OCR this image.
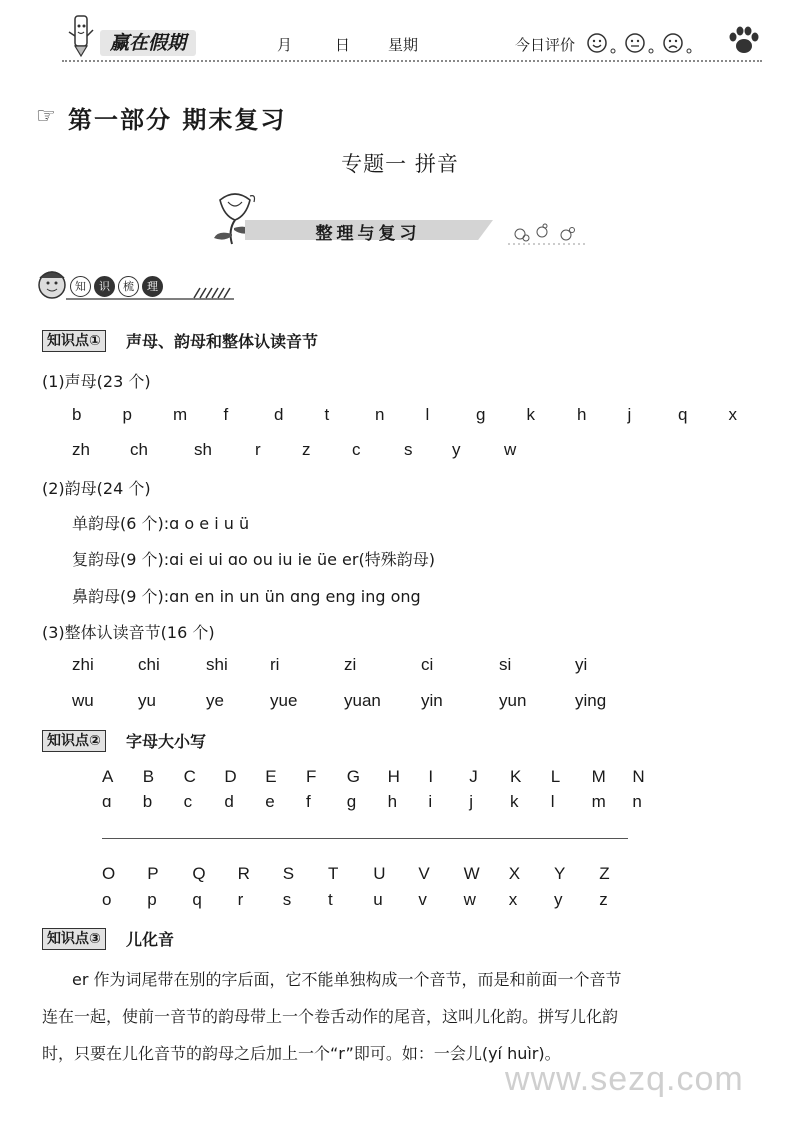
赢在假期	月	日	星期	今日评价
☞ 第一部分 期末复习
专题一 拼音
整理与复习
知	识	梳	理
知识点①	声母、韵母和整体认读音节
(1)声母(23 个)
b p m f	d t	n l	g k h j	q x
zh ch	sh	r z c	s y	w
(2)韵母(24 个)
单韵母(6 个):ɑ o e i u ü
复韵母(9 个):ɑi ei ui ɑo ou iu ie üe er(特殊韵母)
鼻韵母(9 个):ɑn en in un ün ɑng eng ing ong
(3)整体认读音节(16 个)
zhi	chi	shi ri	zi	ci	si	yi
wu	yu	ye	yue	yuan yin	yun	ying
知识点②	字母大小写
A B C D E F G H I J K L M N
ɑ b c d e f g h i j k l m n
O P Q R S T U V W X Y Z
o p q r s t u v w x y z
知识点③	儿化音
er 作为词尾带在别的字后面，它不能单独构成一个音节，而是和前面一个音节
连在一起，使前一音节的韵母带上一个卷舌动作的尾音，这叫儿化韵。拼写儿化韵
时，只要在儿化音节的韵母之后加上一个“r”即可。如：一会儿(yí huìr)。
www.sezq.com
